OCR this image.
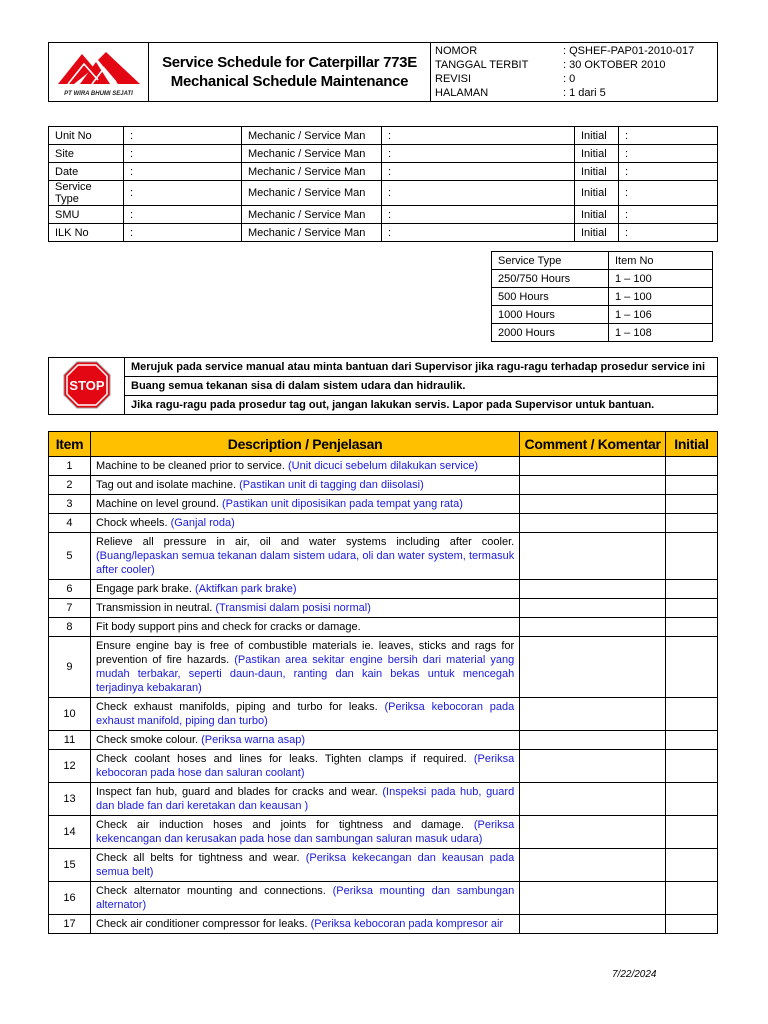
PT WIRA BHUMI SEJATI

Service Schedule for Caterpillar 773E
Mechanical Schedule Maintenance

NOMOR	: QSHEF-PAP01-2010-017
TANGGAL TERBIT	: 30 OKTOBER 2010
REVISI	: 0
HALAMAN	: 1 dari 5
Unit No	:	Mechanic / Service Man	:	Initial	:
Site	:	Mechanic / Service Man	:	Initial	:
Date	:	Mechanic / Service Man	:	Initial	:
Service Type	:	Mechanic / Service Man	:	Initial	:
SMU	:	Mechanic / Service Man	:	Initial	:
ILK No	:	Mechanic / Service Man	:	Initial	:
Service Type	Item No
250/750 Hours	1 – 100
500 Hours	1 – 100
1000 Hours	1 – 106
2000 Hours	1 – 108
STOP
	Merujuk pada service manual atau minta bantuan dari Supervisor jika ragu-ragu terhadap prosedur service ini
Buang semua tekanan sisa di dalam sistem udara dan hidraulik.
Jika ragu-ragu pada prosedur tag out, jangan lakukan servis. Lapor pada Supervisor untuk bantuan.
Item	Description / Penjelasan	Comment / Komentar	Initial
1	Machine to be cleaned prior to service. (Unit dicuci sebelum dilakukan service)		
2	Tag out and isolate machine. (Pastikan unit di tagging dan diisolasi)		
3	Machine on level ground. (Pastikan unit diposisikan pada tempat yang rata)		
4	Chock wheels. (Ganjal roda)		
5	Relieve all pressure in air, oil and water systems including after cooler. (Buang/lepaskan semua tekanan dalam sistem udara, oli dan water system, termasuk after cooler)		
6	Engage park brake. (Aktifkan park brake)		
7	Transmission in neutral. (Transmisi dalam posisi normal)		
8	Fit body support pins and check for cracks or damage.		
9	Ensure engine bay is free of combustible materials ie. leaves, sticks and rags for prevention of fire hazards. (Pastikan area sekitar engine bersih dari material yang mudah terbakar, seperti daun-daun, ranting dan kain bekas untuk mencegah terjadinya kebakaran)		
10	Check exhaust manifolds, piping and turbo for leaks. (Periksa kebocoran pada exhaust manifold, piping dan turbo)		
11	Check smoke colour. (Periksa warna asap)		
12	Check coolant hoses and lines for leaks. Tighten clamps if required. (Periksa kebocoran pada hose dan saluran coolant)		
13	Inspect fan hub, guard and blades for cracks and wear. (Inspeksi pada hub, guard dan blade fan dari keretakan dan keausan )		
14	Check air induction hoses and joints for tightness and damage. (Periksa kekencangan dan kerusakan pada hose dan sambungan saluran masuk udara)		
15	Check all belts for tightness and wear. (Periksa kekecangan dan keausan pada semua belt)		
16	Check alternator mounting and connections. (Periksa mounting dan sambungan alternator)		
17	Check air conditioner compressor for leaks. (Periksa kebocoran pada kompresor air		
7/22/2024
